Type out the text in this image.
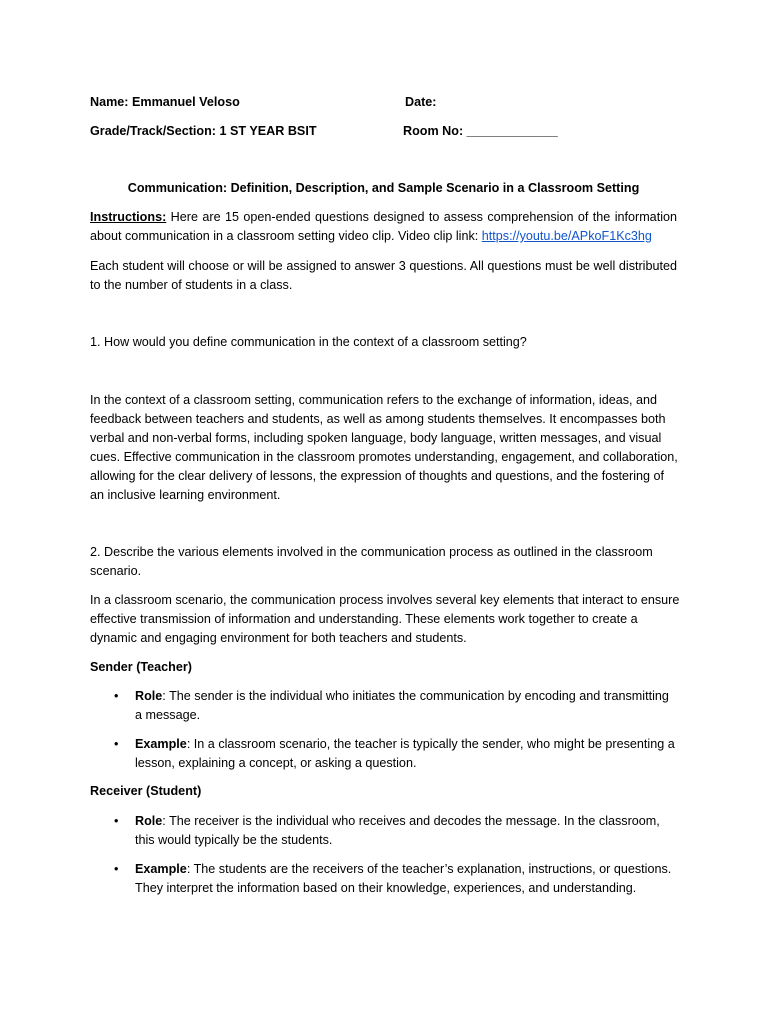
Name: Emmanuel Veloso	Date:
Grade/Track/Section: 1 ST YEAR BSIT	Room No: _____________
Communication: Definition, Description, and Sample Scenario in a Classroom Setting

Instructions: Here are 15 open-ended questions designed to assess comprehension of the information about communication in a classroom setting video clip. Video clip link: https://youtu.be/APkoF1Kc3hg

Each student will choose or will be assigned to answer 3 questions. All questions must be well distributed to the number of students in a class.

1. How would you define communication in the context of a classroom setting?

In the context of a classroom setting, communication refers to the exchange of information, ideas, and feedback between teachers and students, as well as among students themselves. It encompasses both verbal and non-verbal forms, including spoken language, body language, written messages, and visual cues. Effective communication in the classroom promotes understanding, engagement, and collaboration, allowing for the clear delivery of lessons, the expression of thoughts and questions, and the fostering of an inclusive learning environment.

2. Describe the various elements involved in the communication process as outlined in the classroom scenario.

In a classroom scenario, the communication process involves several key elements that interact to ensure effective transmission of information and understanding. These elements work together to create a dynamic and engaging environment for both teachers and students.

Sender (Teacher)

• Role: The sender is the individual who initiates the communication by encoding and transmitting a message.
• Example: In a classroom scenario, the teacher is typically the sender, who might be presenting a lesson, explaining a concept, or asking a question.

Receiver (Student)

• Role: The receiver is the individual who receives and decodes the message. In the classroom, this would typically be the students.
• Example: The students are the receivers of the teacher’s explanation, instructions, or questions. They interpret the information based on their knowledge, experiences, and understanding.
